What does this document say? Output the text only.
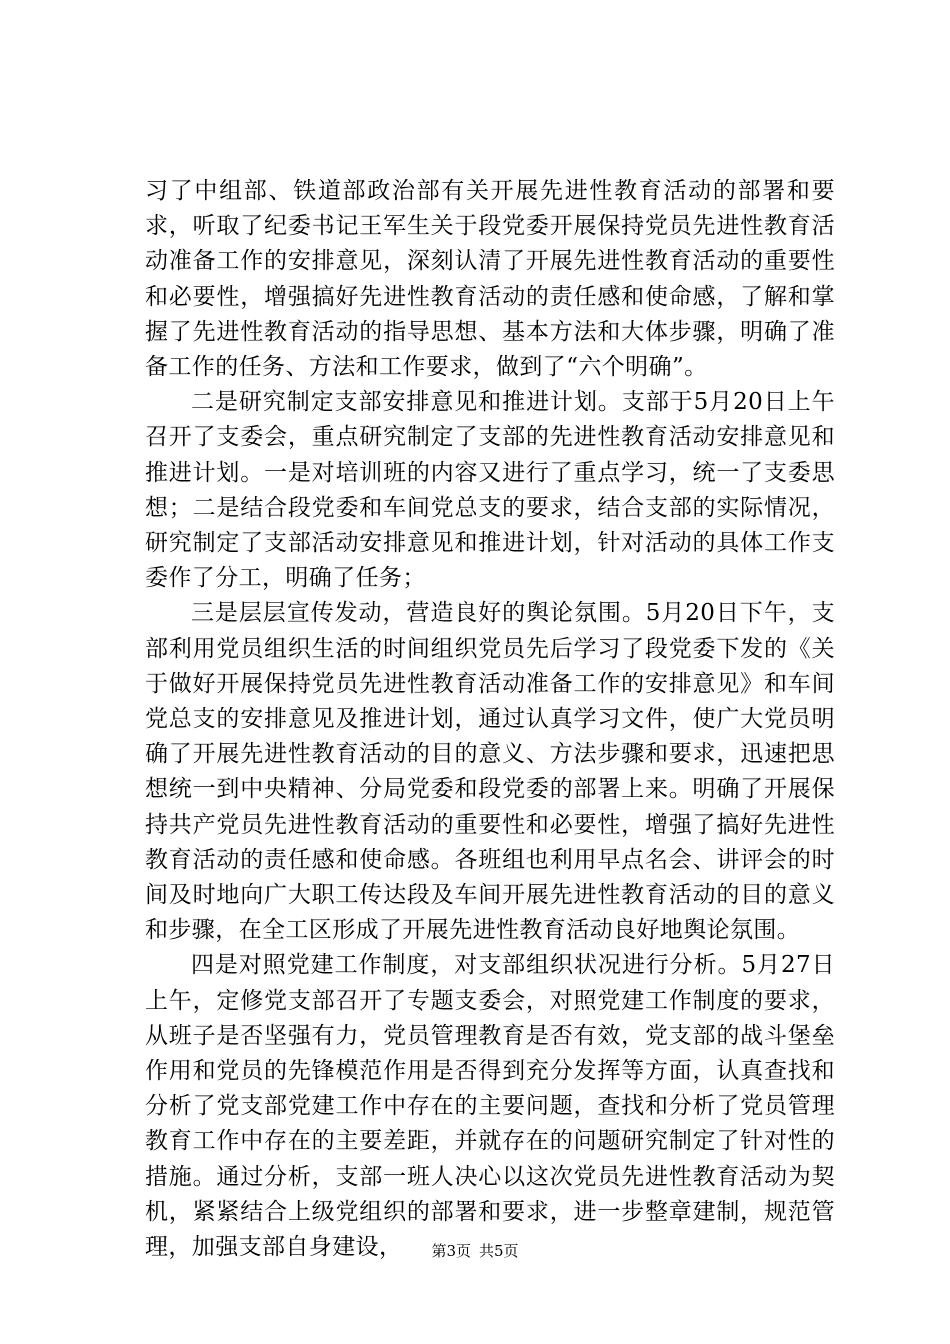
习了中组部、铁道部政治部有关开展先进性教育活动的部署和要求，听取了纪委书记王军生关于段党委开展保持党员先进性教育活动准备工作的安排意见，深刻认清了开展先进性教育活动的重要性和必要性，增强搞好先进性教育活动的责任感和使命感，了解和掌握了先进性教育活动的指导思想、基本方法和大体步骤，明确了准备工作的任务、方法和工作要求，做到了“六个明确”。

二是研究制定支部安排意见和推进计划。支部于5月20日上午召开了支委会，重点研究制定了支部的先进性教育活动安排意见和推进计划。一是对培训班的内容又进行了重点学习，统一了支委思想；二是结合段党委和车间党总支的要求，结合支部的实际情况，研究制定了支部活动安排意见和推进计划，针对活动的具体工作支委作了分工，明确了任务；

三是层层宣传发动，营造良好的舆论氛围。5月20日下午，支部利用党员组织生活的时间组织党员先后学习了段党委下发的《关于做好开展保持党员先进性教育活动准备工作的安排意见》和车间党总支的安排意见及推进计划，通过认真学习文件，使广大党员明确了开展先进性教育活动的目的意义、方法步骤和要求，迅速把思想统一到中央精神、分局党委和段党委的部署上来。明确了开展保持共产党员先进性教育活动的重要性和必要性，增强了搞好先进性教育活动的责任感和使命感。各班组也利用早点名会、讲评会的时间及时地向广大职工传达段及车间开展先进性教育活动的目的意义和步骤，在全工区形成了开展先进性教育活动良好地舆论氛围。

四是对照党建工作制度，对支部组织状况进行分析。5月27日上午，定修党支部召开了专题支委会，对照党建工作制度的要求，从班子是否坚强有力，党员管理教育是否有效，党支部的战斗堡垒作用和党员的先锋模范作用是否得到充分发挥等方面，认真查找和分析了党支部党建工作中存在的主要问题，查找和分析了党员管理教育工作中存在的主要差距，并就存在的问题研究制定了针对性的措施。通过分析，支部一班人决心以这次党员先进性教育活动为契机，紧紧结合上级党组织的部署和要求，进一步整章建制，规范管理，加强支部自身建设，	第3页 共5页
